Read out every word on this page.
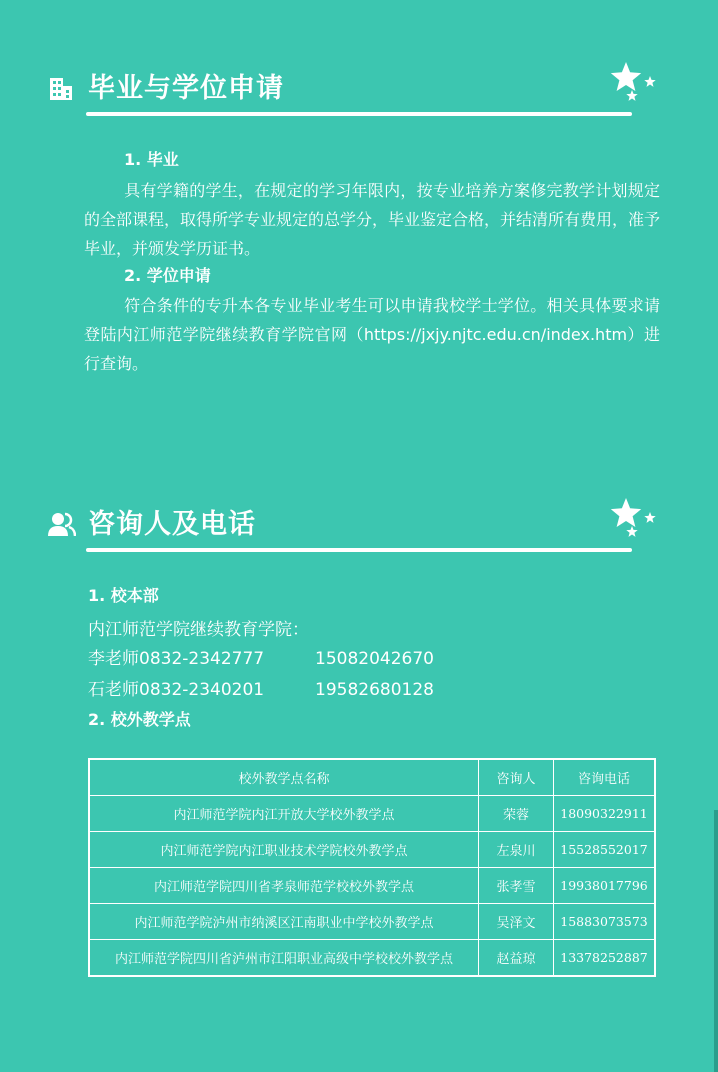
毕业与学位申请
1. 毕业
具有学籍的学生，在规定的学习年限内，按专业培养方案修完教学计划规定的全部课程，取得所学专业规定的总学分，毕业鉴定合格，并结清所有费用，准予毕业，并颁发学历证书。
2. 学位申请
符合条件的专升本各专业毕业考生可以申请我校学士学位。相关具体要求请登陆内江师范学院继续教育学院官网（https://jxjy.njtc.edu.cn/index.htm）进行查询。
咨询人及电话
1. 校本部
内江师范学院继续教育学院：
李老师0832-2342777	15082042670
石老师0832-2340201	19582680128
2. 校外教学点
校外教学点名称	咨询人	咨询电话
内江师范学院内江开放大学校外教学点	荣蓉	18090322911
内江师范学院内江职业技术学院校外教学点	左泉川	15528552017
内江师范学院四川省孝泉师范学校校外教学点	张孝雪	19938017796
内江师范学院泸州市纳溪区江南职业中学校外教学点	吴泽文	15883073573
内江师范学院四川省泸州市江阳职业高级中学校校外教学点	赵益琼	13378252887
